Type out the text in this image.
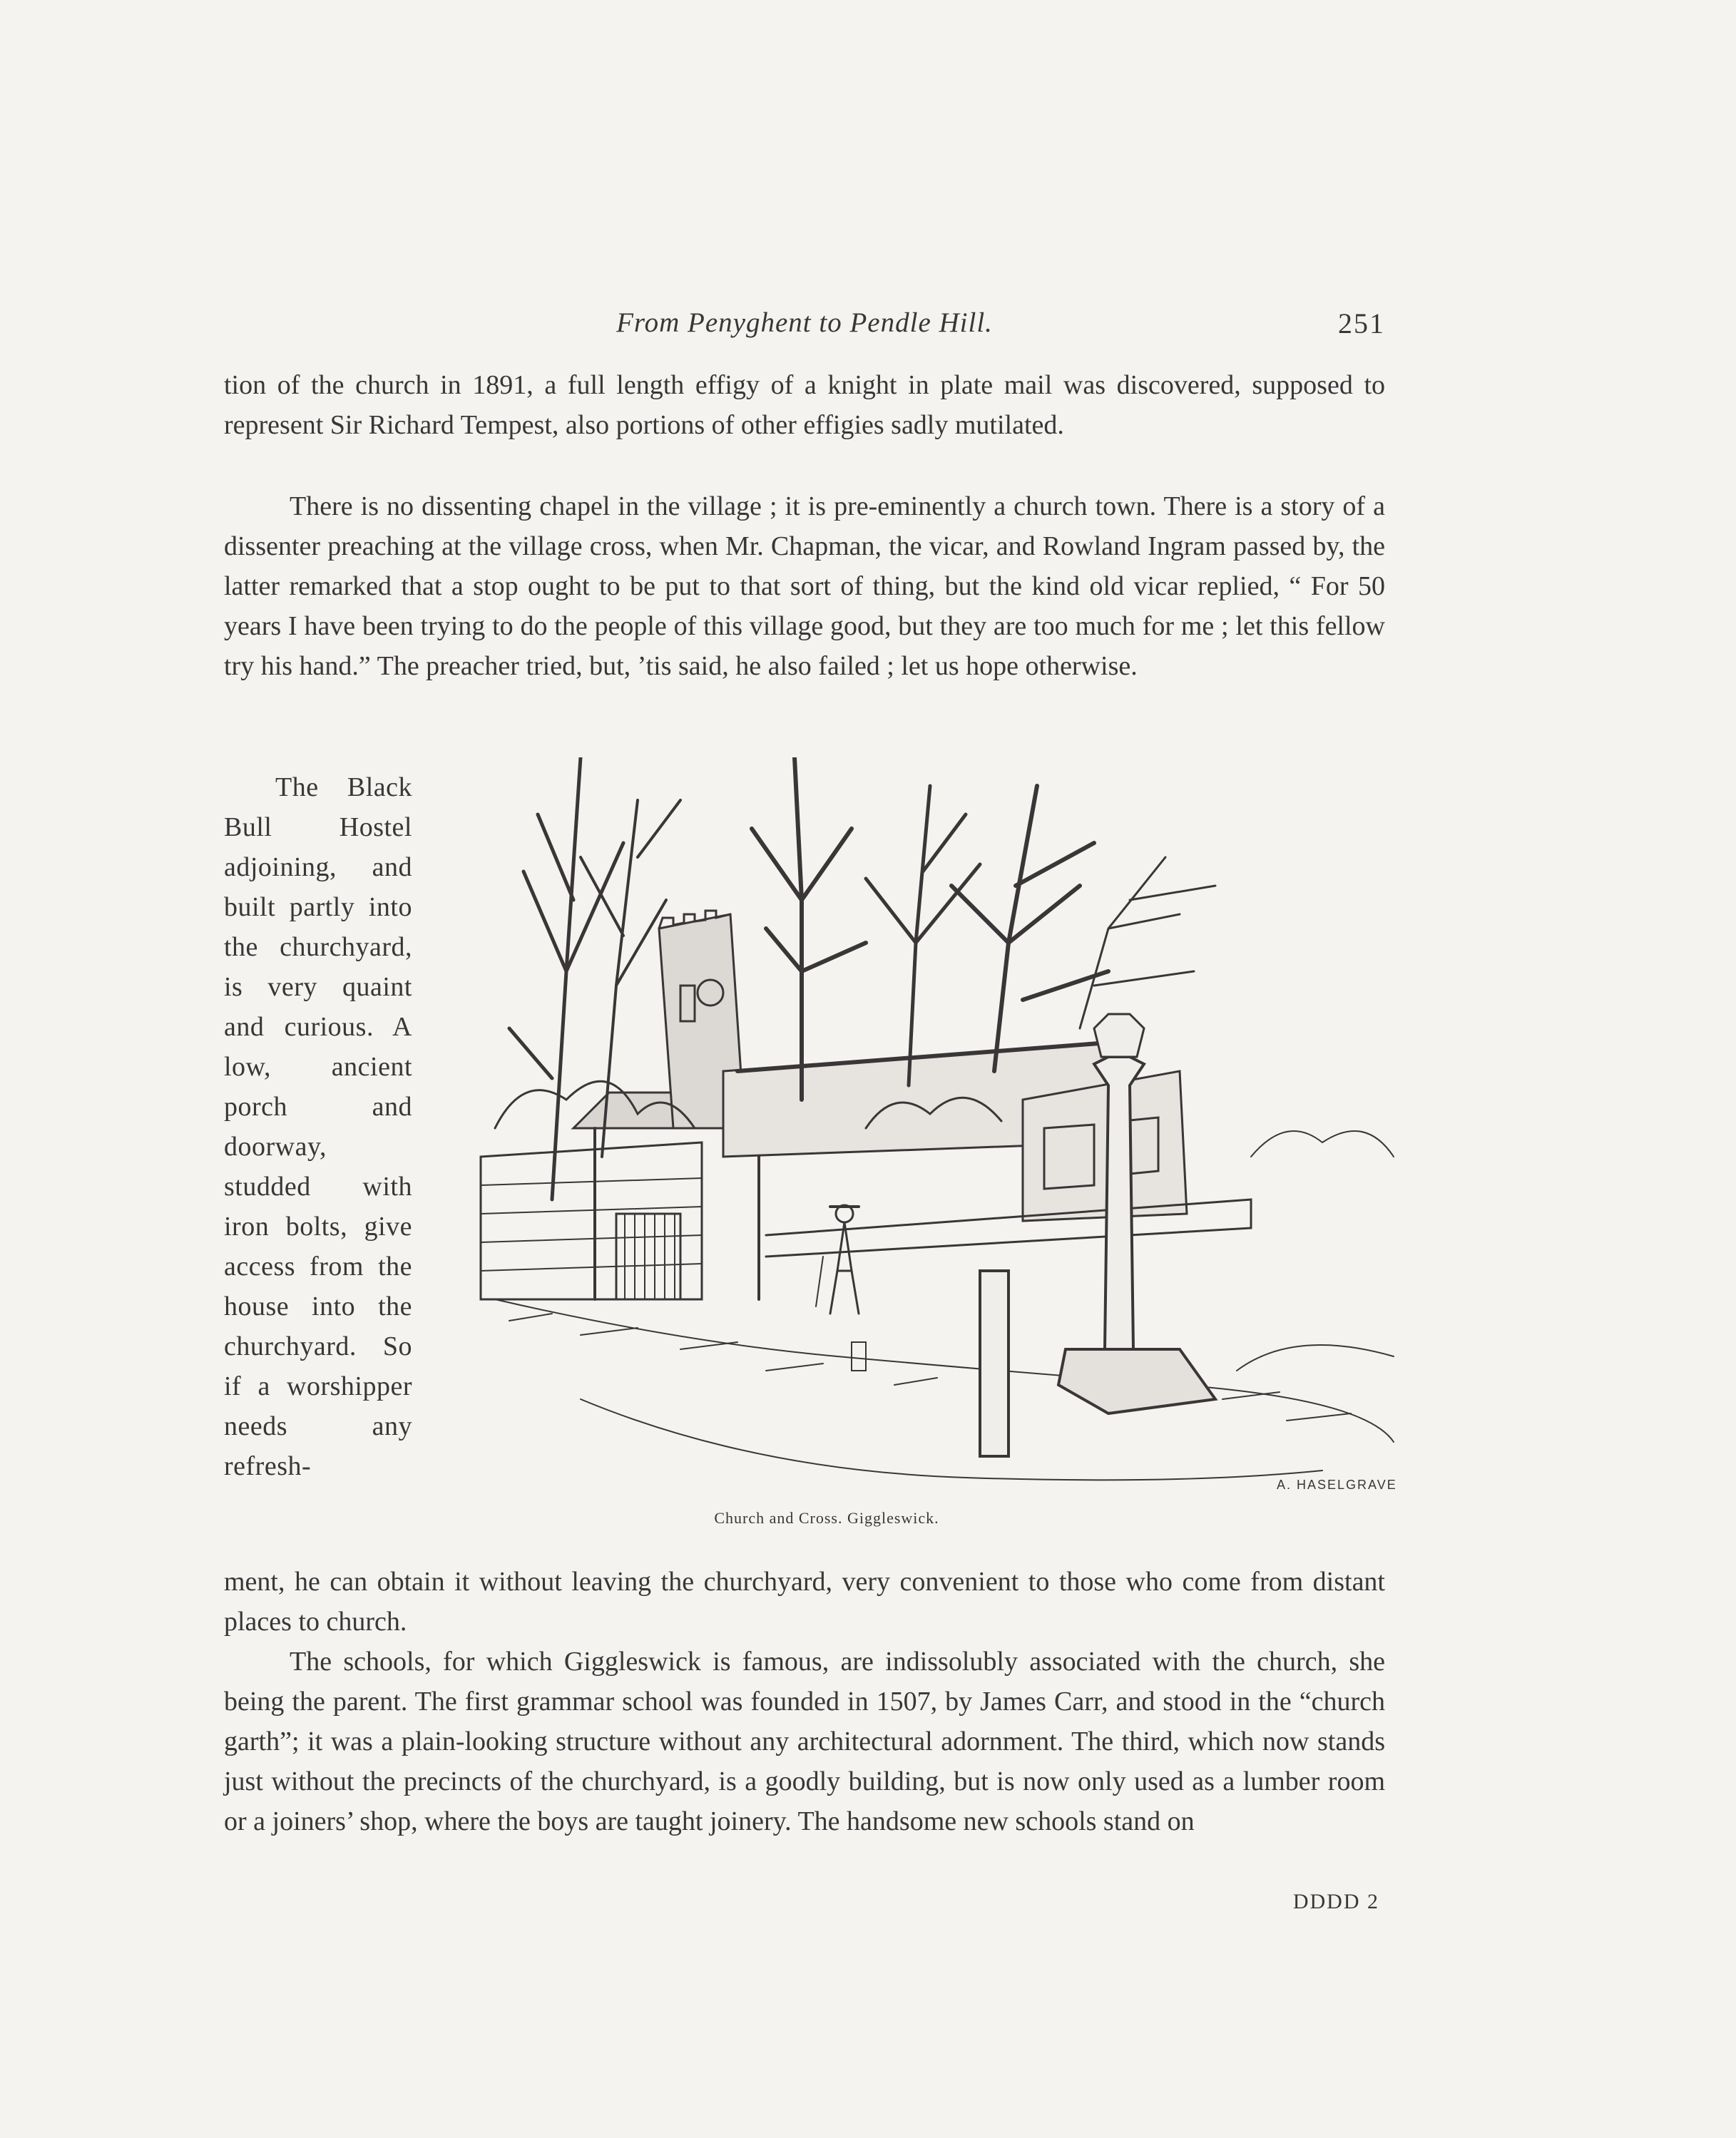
From Penyghent to Pendle Hill.	251
tion of the church in 1891, a full length effigy of a knight in plate mail was discovered, supposed to represent Sir Richard Tempest, also portions of other effigies sadly mutilated.
There is no dissenting chapel in the village ; it is pre-eminently a church town. There is a story of a dissenter preaching at the village cross, when Mr. Chapman, the vicar, and Rowland Ingram passed by, the latter remarked that a stop ought to be put to that sort of thing, but the kind old vicar replied, “ For 50 years I have been trying to do the people of this village good, but they are too much for me ; let this fellow try his hand.” The preacher tried, but, ’tis said, he also failed ; let us hope otherwise.
The Black Bull Hostel adjoining, and built partly into the churchyard, is very quaint and curious. A low, ancient porch and doorway, studded with iron bolts, give access from the house into the churchyard. So if a worshipper needs any refresh-
Church and Cross. Giggleswick.
A. HASELGRAVE
ment, he can obtain it without leaving the churchyard, very convenient to those who come from distant places to church.
The schools, for which Giggleswick is famous, are indissolubly associated with the church, she being the parent. The first grammar school was founded in 1507, by James Carr, and stood in the “church garth”; it was a plain-looking structure without any architectural adornment. The third, which now stands just without the precincts of the churchyard, is a goodly building, but is now only used as a lumber room or a joiners’ shop, where the boys are taught joinery. The handsome new schools stand on
DDDD 2
